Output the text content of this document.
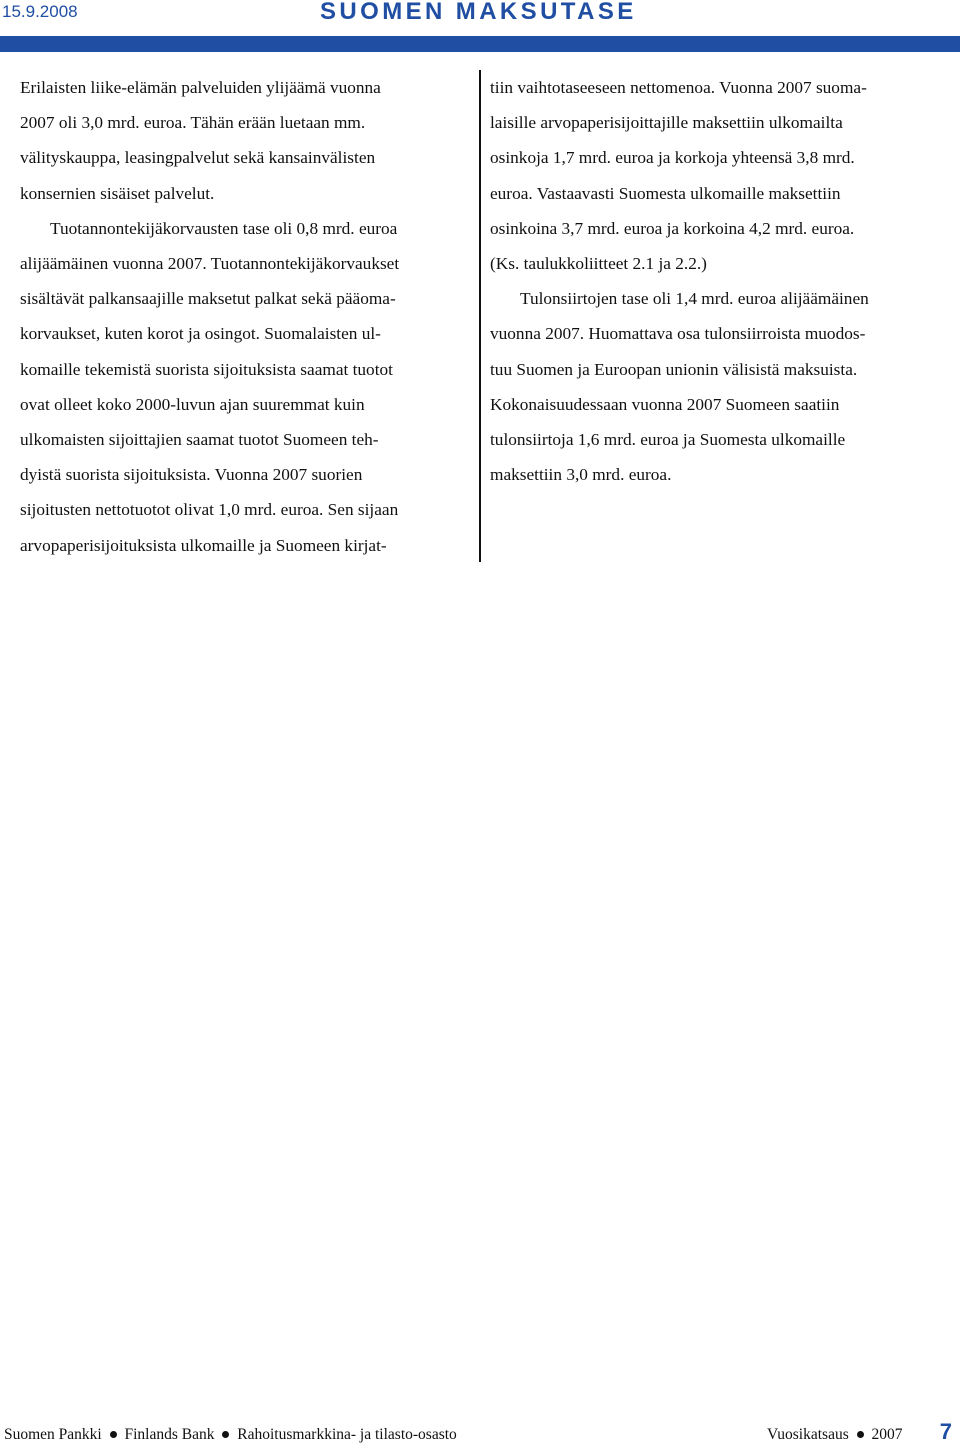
15.9.2008	SUOMEN MAKSUTASE
Erilaisten liike-elämän palveluiden ylijäämä vuonna
2007 oli 3,0 mrd. euroa. Tähän erään luetaan mm.
välityskauppa, leasingpalvelut sekä kansainvälisten
konsernien sisäiset palvelut.
Tuotannontekijäkorvausten tase oli 0,8 mrd. euroa
alijäämäinen vuonna 2007. Tuotannontekijäkorvaukset
sisältävät palkansaajille maksetut palkat sekä pääoma-
korvaukset, kuten korot ja osingot. Suomalaisten ul-
komaille tekemistä suorista sijoituksista saamat tuotot
ovat olleet koko 2000-luvun ajan suuremmat kuin
ulkomaisten sijoittajien saamat tuotot Suomeen teh-
dyistä suorista sijoituksista. Vuonna 2007 suorien
sijoitusten nettotuotot olivat 1,0 mrd. euroa. Sen sijaan
arvopaperisijoituksista ulkomaille ja Suomeen kirjat-
tiin vaihtotaseeseen nettomenoa. Vuonna 2007 suoma-
laisille arvopaperisijoittajille maksettiin ulkomailta
osinkoja 1,7 mrd. euroa ja korkoja yhteensä 3,8 mrd.
euroa. Vastaavasti Suomesta ulkomaille maksettiin
osinkoina 3,7 mrd. euroa ja korkoina 4,2 mrd. euroa.
(Ks. taulukkoliitteet 2.1 ja 2.2.)
Tulonsiirtojen tase oli 1,4 mrd. euroa alijäämäinen
vuonna 2007. Huomattava osa tulonsiirroista muodos-
tuu Suomen ja Euroopan unionin välisistä maksuista.
Kokonaisuudessaan vuonna 2007 Suomeen saatiin
tulonsiirtoja 1,6 mrd. euroa ja Suomesta ulkomaille
maksettiin 3,0 mrd. euroa.
Suomen Pankki Finlands Bank Rahoitusmarkkina- ja tilasto-osasto	Vuosikatsaus 2007 7
